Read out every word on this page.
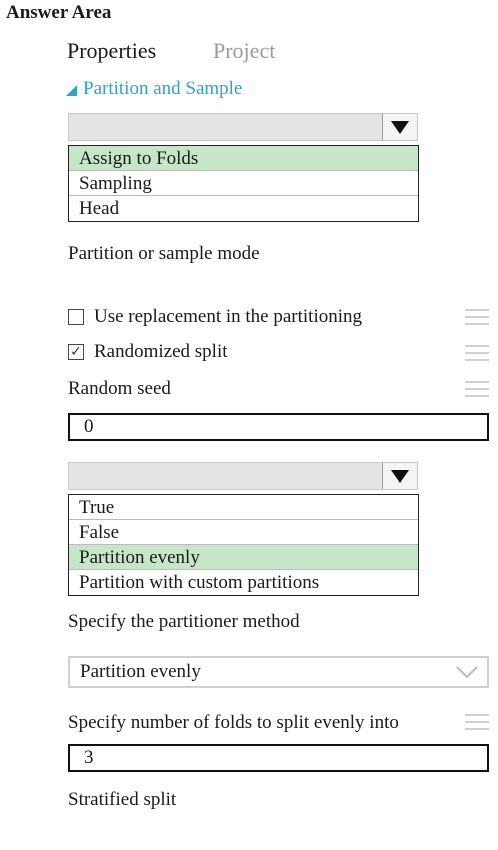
Answer Area
Properties	Project
Partition and Sample
Assign to Folds
Sampling
Head
Partition or sample mode
Use replacement in the partitioning
✓ Randomized split
Random seed
0
True
False
Partition evenly
Partition with custom partitions
Specify the partitioner method
Partition evenly
Specify number of folds to split evenly into
3
Stratified split
